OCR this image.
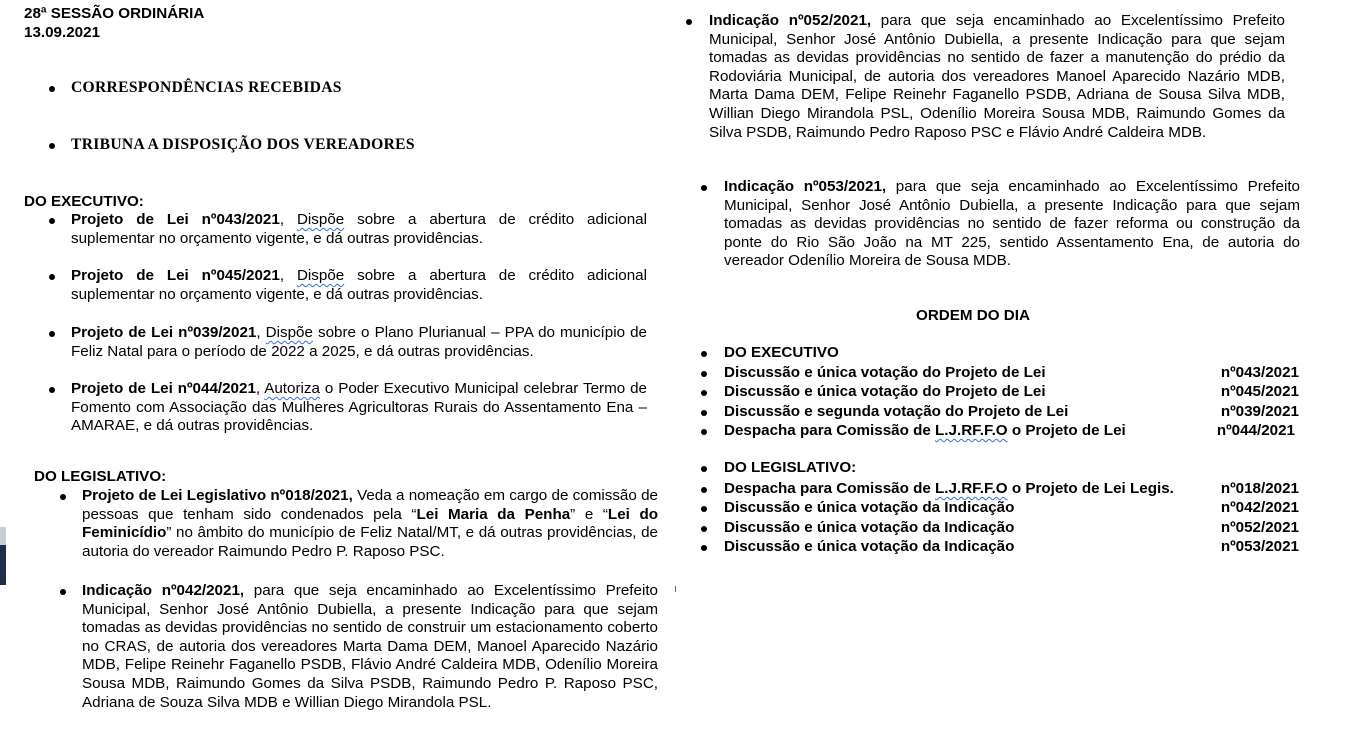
28ª SESSÃO ORDINÁRIA
13.09.2021
CORRESPONDÊNCIAS RECEBIDAS
TRIBUNA A DISPOSIÇÃO DOS VEREADORES
DO EXECUTIVO:
Projeto de Lei nº043/2021, Dispõe sobre a abertura de crédito adicional suplementar no orçamento vigente, e dá outras providências.
Projeto de Lei nº045/2021, Dispõe sobre a abertura de crédito adicional suplementar no orçamento vigente, e dá outras providências.
Projeto de Lei nº039/2021, Dispõe sobre o Plano Plurianual – PPA do município de Feliz Natal para o período de 2022 a 2025, e dá outras providências.
Projeto de Lei nº044/2021, Autoriza o Poder Executivo Municipal celebrar Termo de Fomento com Associação das Mulheres Agricultoras Rurais do Assentamento Ena – AMARAE, e dá outras providências.
DO LEGISLATIVO:
Projeto de Lei Legislativo nº018/2021, Veda a nomeação em cargo de comissão de pessoas que tenham sido condenados pela “Lei Maria da Penha” e “Lei do Feminicídio” no âmbito do município de Feliz Natal/MT, e dá outras providências, de autoria do vereador Raimundo Pedro P. Raposo PSC.
Indicação nº042/2021, para que seja encaminhado ao Excelentíssimo Prefeito Municipal, Senhor José Antônio Dubiella, a presente Indicação para que sejam tomadas as devidas providências no sentido de construir um estacionamento coberto no CRAS, de autoria dos vereadores Marta Dama DEM, Manoel Aparecido Nazário MDB, Felipe Reinehr Faganello PSDB, Flávio André Caldeira MDB, Odenílio Moreira Sousa MDB, Raimundo Gomes da Silva PSDB, Raimundo Pedro P. Raposo PSC, Adriana de Souza Silva MDB e Willian Diego Mirandola PSL.
Indicação nº052/2021, para que seja encaminhado ao Excelentíssimo Prefeito Municipal, Senhor José Antônio Dubiella, a presente Indicação para que sejam tomadas as devidas providências no sentido de fazer a manutenção do prédio da Rodoviária Municipal, de autoria dos vereadores Manoel Aparecido Nazário MDB, Marta Dama DEM, Felipe Reinehr Faganello PSDB, Adriana de Sousa Silva MDB, Willian Diego Mirandola PSL, Odenílio Moreira Sousa MDB, Raimundo Gomes da Silva PSDB, Raimundo Pedro Raposo PSC e Flávio André Caldeira MDB.
Indicação nº053/2021, para que seja encaminhado ao Excelentíssimo Prefeito Municipal, Senhor José Antônio Dubiella, a presente Indicação para que sejam tomadas as devidas providências no sentido de fazer reforma ou construção da ponte do Rio São João na MT 225, sentido Assentamento Ena, de autoria do vereador Odenílio Moreira de Sousa MDB.
ORDEM DO DIA
DO EXECUTIVO
Discussão e única votação do Projeto de Lei	nº043/2021
Discussão e única votação do Projeto de Lei	nº045/2021
Discussão e segunda votação do Projeto de Lei	nº039/2021
Despacha para Comissão de L.J.RF.F.O o Projeto de Lei	nº044/2021
DO LEGISLATIVO:
Despacha para Comissão de L.J.RF.F.O o Projeto de Lei Legis.	nº018/2021
Discussão e única votação da Indicação	nº042/2021
Discussão e única votação da Indicação	nº052/2021
Discussão e única votação da Indicação	nº053/2021
